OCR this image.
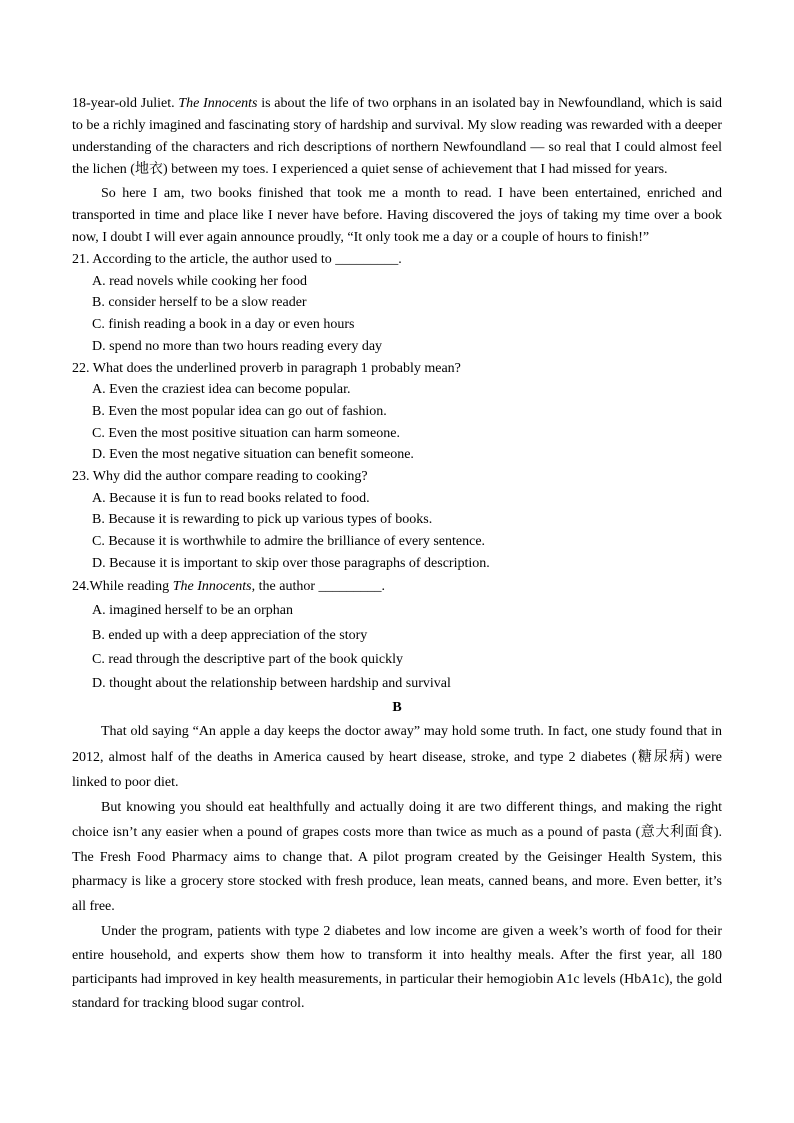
18-year-old Juliet. The Innocents is about the life of two orphans in an isolated bay in Newfoundland, which is said
to be a richly imagined and fascinating story of hardship and survival. My slow reading was rewarded with a deeper
understanding of the characters and rich descriptions of northern Newfoundland — so real that I could almost feel
the lichen (地衣) between my toes. I experienced a quiet sense of achievement that I had missed for years.
So here I am, two books finished that took me a month to read. I have been entertained, enriched and
transported in time and place like I never have before. Having discovered the joys of taking my time over a book
now, I doubt I will ever again announce proudly, “It only took me a day or a couple of hours to finish!”
21. According to the article, the author used to _________.
A. read novels while cooking her food
B. consider herself to be a slow reader
C. finish reading a book in a day or even hours
D. spend no more than two hours reading every day
22. What does the underlined proverb in paragraph 1 probably mean?
A. Even the craziest idea can become popular.
B. Even the most popular idea can go out of fashion.
C. Even the most positive situation can harm someone.
D. Even the most negative situation can benefit someone.
23. Why did the author compare reading to cooking?
A. Because it is fun to read books related to food.
B. Because it is rewarding to pick up various types of books.
C. Because it is worthwhile to admire the brilliance of every sentence.
D. Because it is important to skip over those paragraphs of description.
24.While reading The Innocents, the author _________.
A. imagined herself to be an orphan
B. ended up with a deep appreciation of the story
C. read through the descriptive part of the book quickly
D. thought about the relationship between hardship and survival
B
That old saying “An apple a day keeps the doctor away” may hold some truth. In fact, one study found that in
2012, almost half of the deaths in America caused by heart disease, stroke, and type 2 diabetes (糖尿病) were
linked to poor diet.
But knowing you should eat healthfully and actually doing it are two different things, and making the right
choice isn’t any easier when a pound of grapes costs more than twice as much as a pound of pasta (意大利面食).
The Fresh Food Pharmacy aims to change that. A pilot program created by the Geisinger Health System, this
pharmacy is like a grocery store stocked with fresh produce, lean meats, canned beans, and more. Even better, it’s
all free.
Under the program, patients with type 2 diabetes and low income are given a week’s worth of food for their
entire household, and experts show them how to transform it into healthy meals. After the first year, all 180
participants had improved in key health measurements, in particular their hemogiobin A1c levels (HbA1c), the gold
standard for tracking blood sugar control.
